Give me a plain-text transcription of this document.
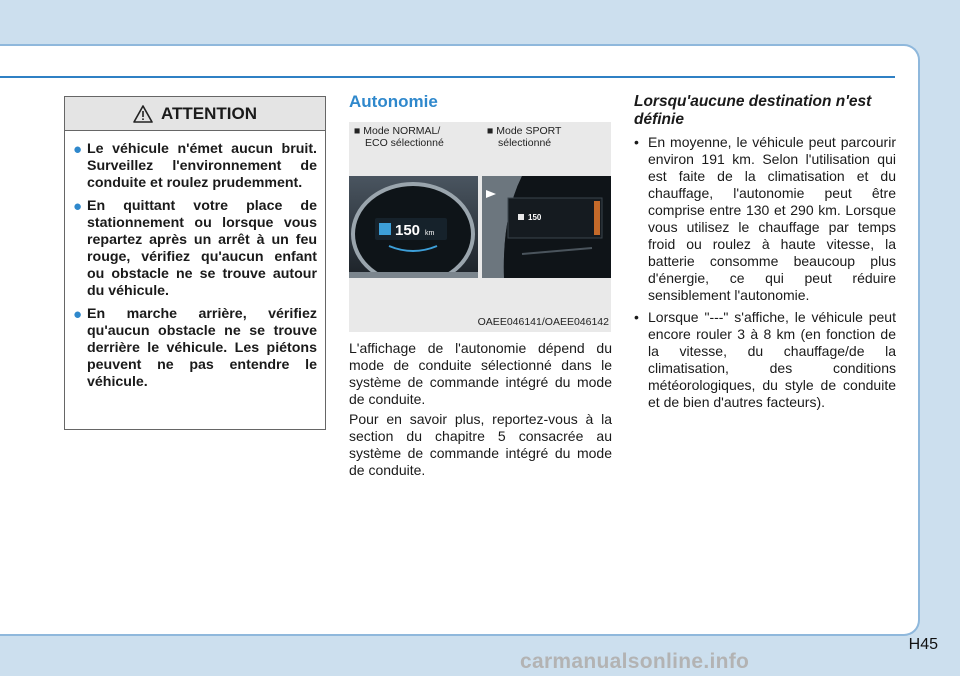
ATTENTION
● Le véhicule n'émet aucun bruit. Surveillez l'environnement de conduite et roulez prudemment.
● En quittant votre place de stationnement ou lorsque vous repartez après un arrêt à un feu rouge, vérifiez qu'aucun enfant ou obstacle ne se trouve autour du véhicule.
● En marche arrière, vérifiez qu'aucun obstacle ne se trouve derrière le véhicule. Les piétons peuvent ne pas entendre le véhicule.
Autonomie
■ Mode NORMAL/
ECO sélectionné
■ Mode SPORT
sélectionné
150 km
150
OAEE046141/OAEE046142

L'affichage de l'autonomie dépend du mode de conduite sélectionné dans le système de commande intégré du mode de conduite.

Pour en savoir plus, reportez-vous à la section du chapitre 5 consacrée au système de commande intégré du mode de conduite.

Lorsqu'aucune destination n'est définie

• En moyenne, le véhicule peut parcourir environ 191 km. Selon l'utilisation qui est faite de la climatisation et du chauffage, l'autonomie peut être comprise entre 130 et 290 km. Lorsque vous utilisez le chauffage par temps froid ou roulez à haute vitesse, la batterie consomme beaucoup plus d'énergie, ce qui peut réduire sensiblement l'autonomie.
• Lorsque "---" s'affiche, le véhicule peut encore rouler 3 à 8 km (en fonction de la vitesse, du chauffage/de la climatisation, des conditions météorologiques, du style de conduite et de bien d'autres facteurs).
H45
carmanualsonline.info
